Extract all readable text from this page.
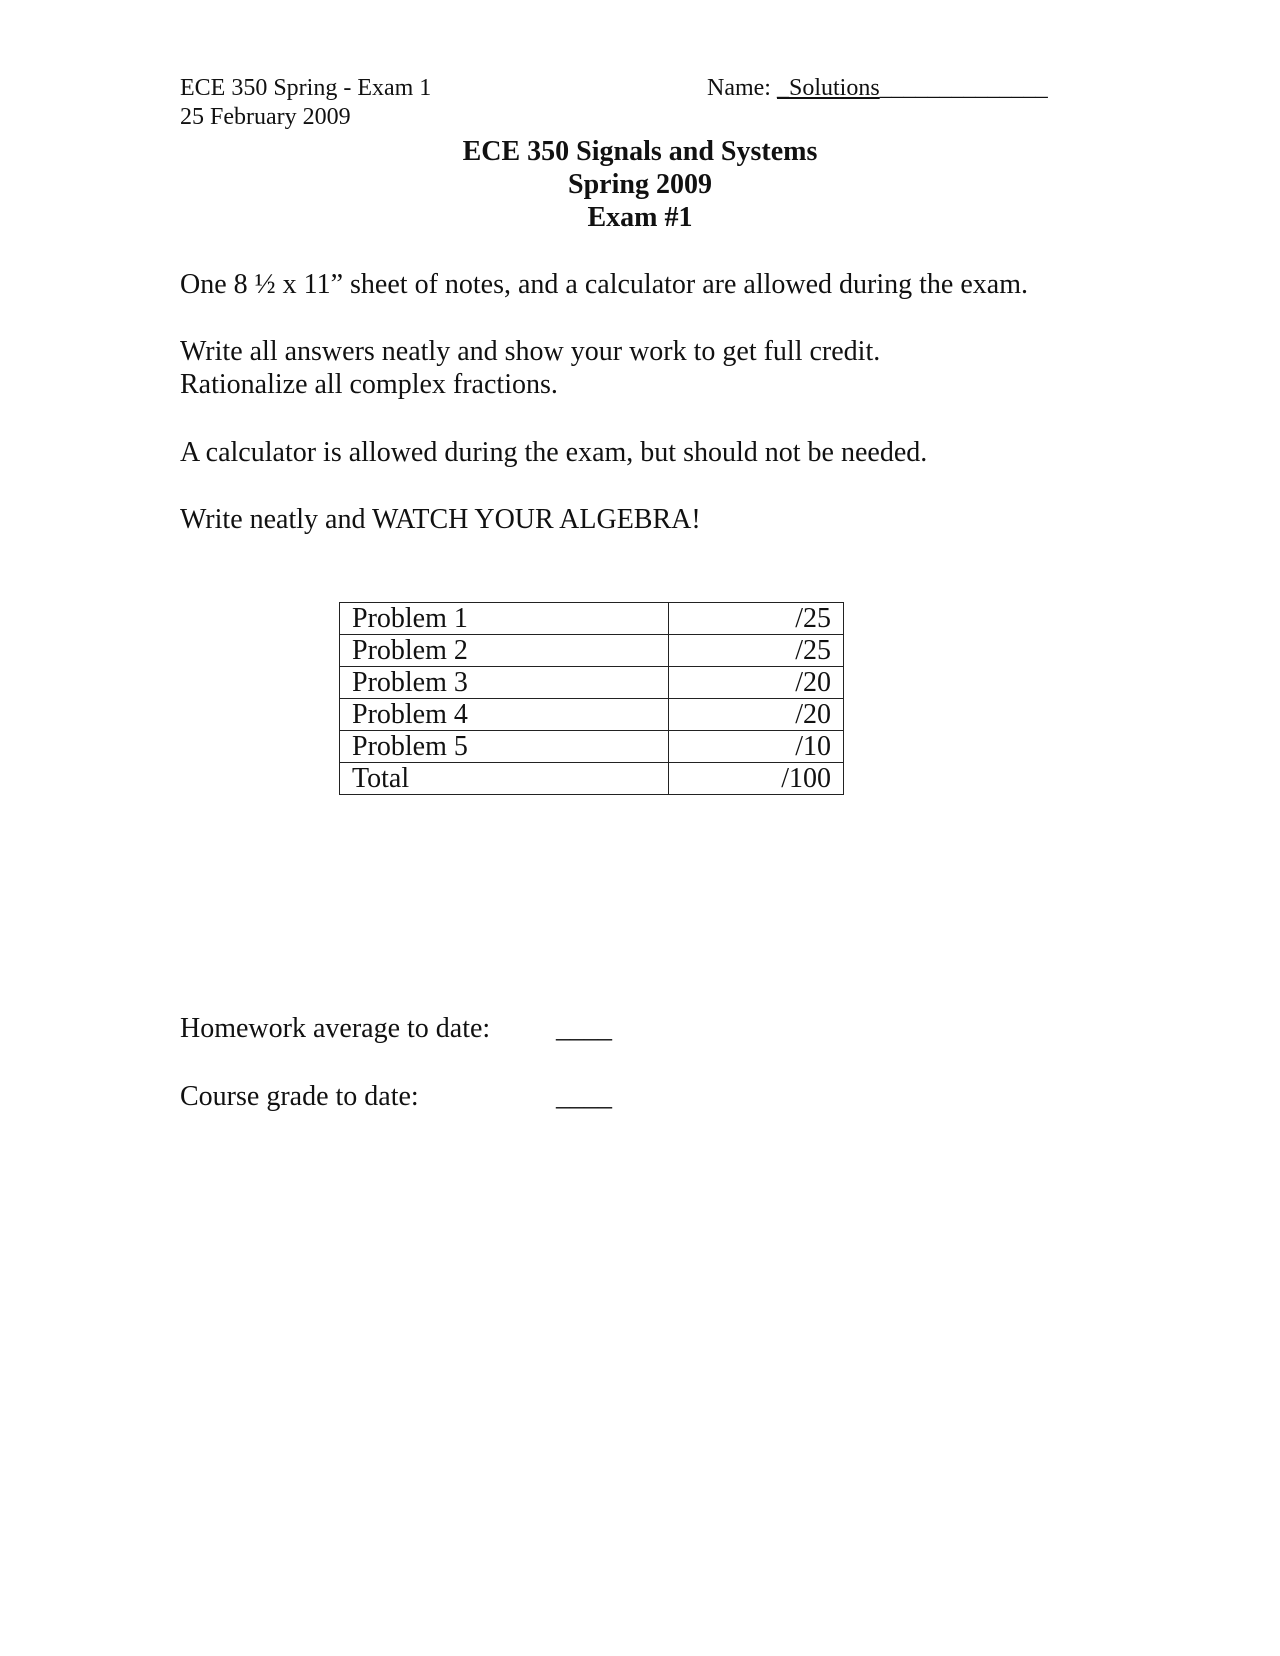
ECE 350 Spring - Exam 1
25 February 2009
Name: _Solutions______________
ECE 350 Signals and Systems
Spring 2009
Exam #1
One 8 ½ x 11” sheet of notes, and a calculator are allowed during the exam.
Write all answers neatly and show your work to get full credit.
Rationalize all complex fractions.
A calculator is allowed during the exam, but should not be needed.
Write neatly and WATCH YOUR ALGEBRA!
Problem 1	/25
Problem 2	/25
Problem 3	/20
Problem 4	/20
Problem 5	/10
Total	/100
Homework average to date: ____
Course grade to date:	____
